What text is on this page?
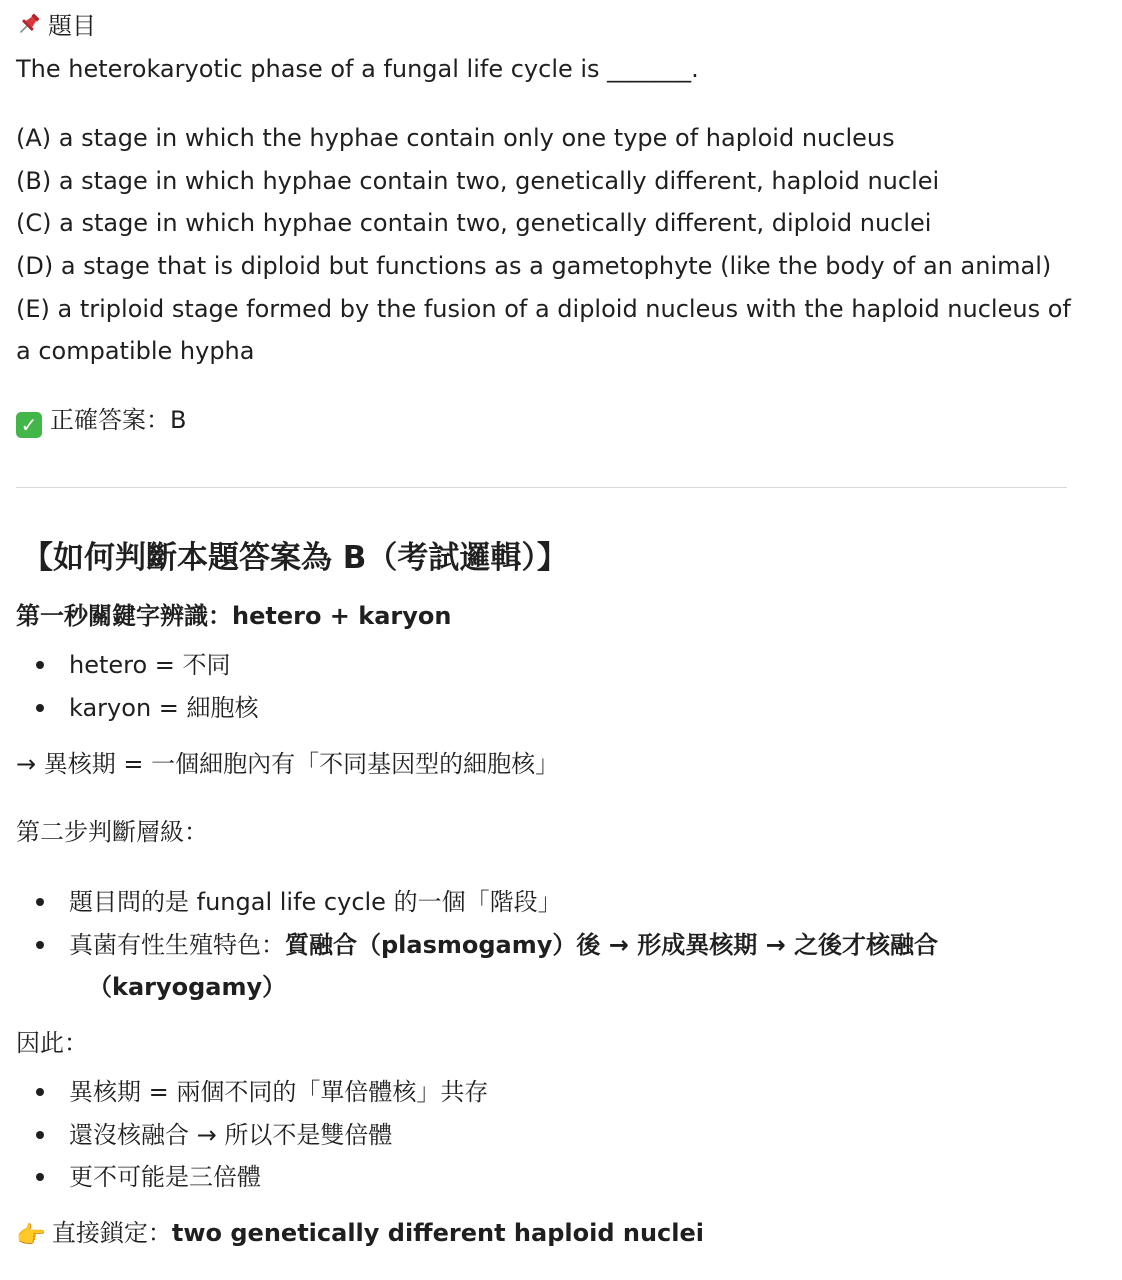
題目
The heterokaryotic phase of a fungal life cycle is _______.
(A) a stage in which the hyphae contain only one type of haploid nucleus
(B) a stage in which hyphae contain two, genetically different, haploid nuclei
(C) a stage in which hyphae contain two, genetically different, diploid nuclei
(D) a stage that is diploid but functions as a gametophyte (like the body of an animal)
(E) a triploid stage formed by the fusion of a diploid nucleus with the haploid nucleus of
a compatible hypha
✓ 正確答案：B
【如何判斷本題答案為 B（考試邏輯）】
第一秒關鍵字辨識：hetero + karyon
hetero = 不同
karyon = 細胞核
→ 異核期 = 一個細胞內有「不同基因型的細胞核」
第二步判斷層級：
題目問的是 fungal life cycle 的一個「階段」
真菌有性生殖特色：質融合（plasmogamy）後 → 形成異核期 → 之後才核融合
（karyogamy）
因此：
異核期 = 兩個不同的「單倍體核」共存
還沒核融合 → 所以不是雙倍體
更不可能是三倍體
👉 直接鎖定：two genetically different haploid nuclei
